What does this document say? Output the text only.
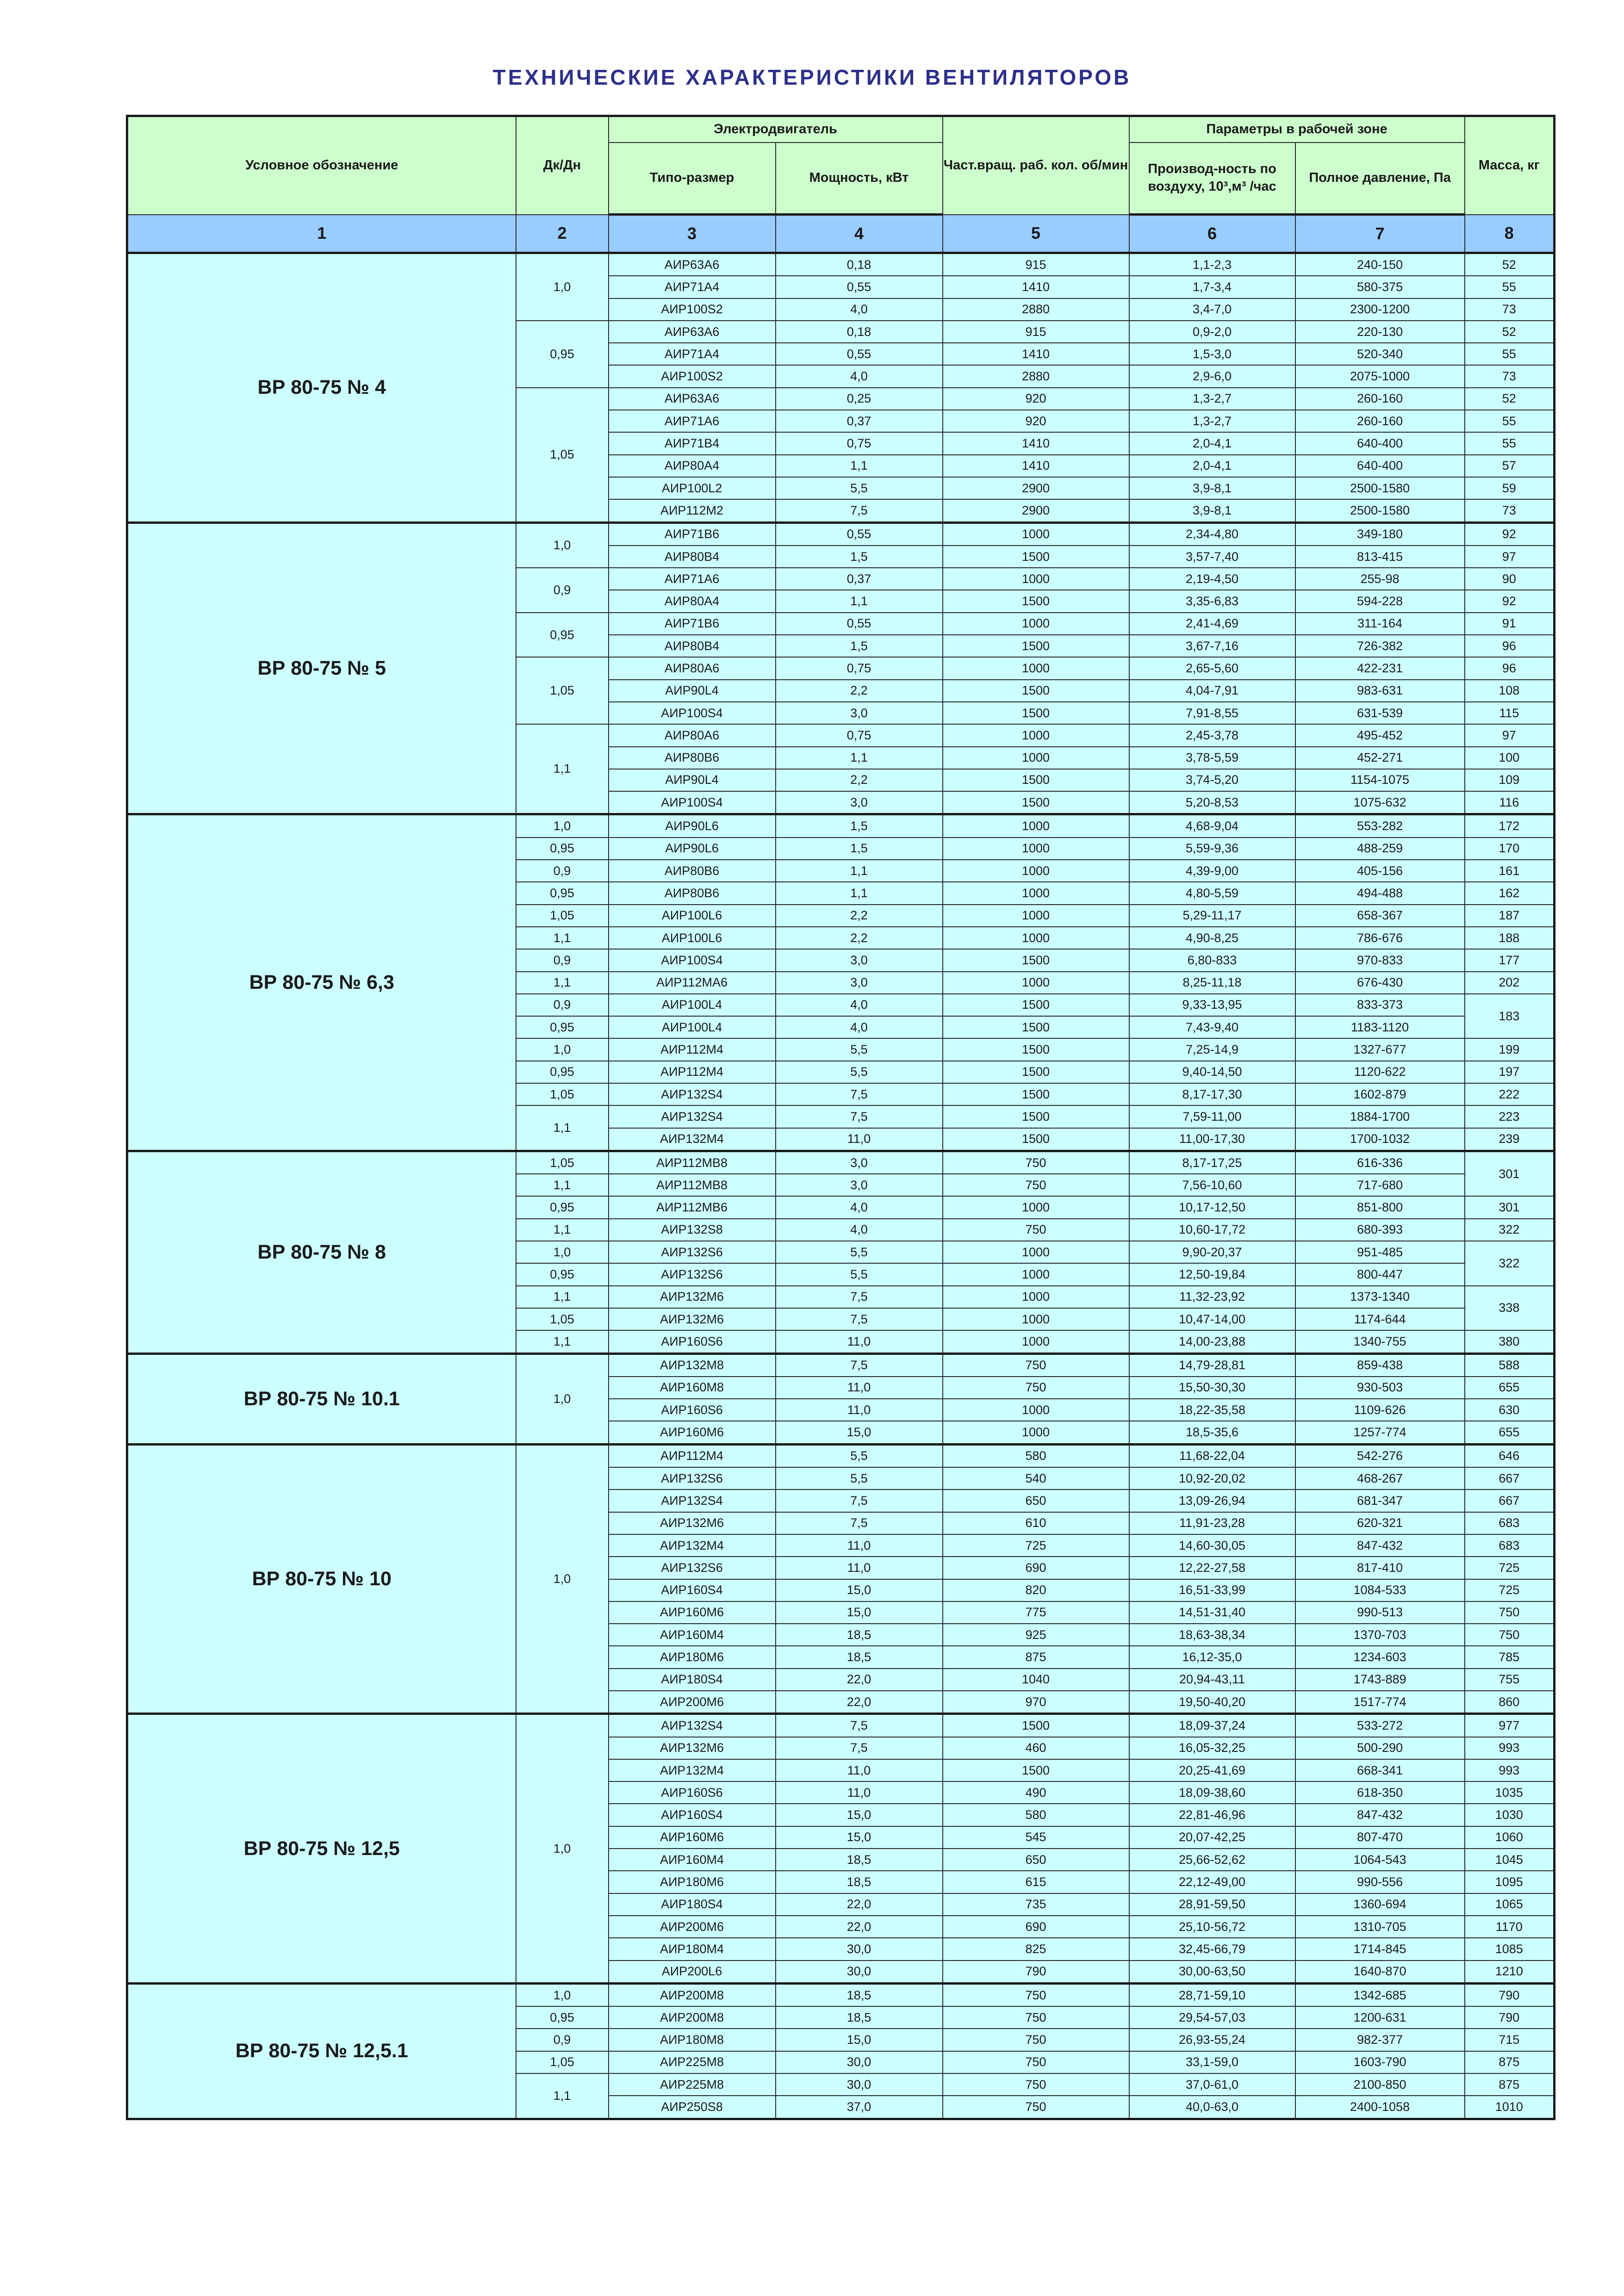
ТЕХНИЧЕСКИЕ ХАРАКТЕРИСТИКИ ВЕНТИЛЯТОРОВ
Условное обозначение	Дк/Дн	Электродвигатель		Част.вращ. раб. кол. об/мин	Параметры в рабочей зоне		Масса, кг
		Типо-размер	Мощность, кВт		Производ-ность по воздуху, 10³,м³ /час	Полное давление, Па	
1	2	3	4	5	6	7	8
ВР 80-75 № 4	1,0	АИР63А6	0,18	915	1,1-2,3	240-150	52
		АИР71А4	0,55	1410	1,7-3,4	580-375	55
		АИР100S2	4,0	2880	3,4-7,0	2300-1200	73
	0,95	АИР63А6	0,18	915	0,9-2,0	220-130	52
		АИР71А4	0,55	1410	1,5-3,0	520-340	55
		АИР100S2	4,0	2880	2,9-6,0	2075-1000	73
	1,05	АИР63А6	0,25	920	1,3-2,7	260-160	52
		АИР71А6	0,37	920	1,3-2,7	260-160	55
		АИР71В4	0,75	1410	2,0-4,1	640-400	55
		АИР80А4	1,1	1410	2,0-4,1	640-400	57
		АИР100L2	5,5	2900	3,9-8,1	2500-1580	59
		АИР112М2	7,5	2900	3,9-8,1	2500-1580	73
ВР 80-75 № 5	1,0	АИР71В6	0,55	1000	2,34-4,80	349-180	92
		АИР80В4	1,5	1500	3,57-7,40	813-415	97
	0,9	АИР71А6	0,37	1000	2,19-4,50	255-98	90
		АИР80А4	1,1	1500	3,35-6,83	594-228	92
	0,95	АИР71В6	0,55	1000	2,41-4,69	311-164	91
		АИР80В4	1,5	1500	3,67-7,16	726-382	96
	1,05	АИР80А6	0,75	1000	2,65-5,60	422-231	96
		АИР90L4	2,2	1500	4,04-7,91	983-631	108
		АИР100S4	3,0	1500	7,91-8,55	631-539	115
	1,1	АИР80А6	0,75	1000	2,45-3,78	495-452	97
		АИР80В6	1,1	1000	3,78-5,59	452-271	100
		АИР90L4	2,2	1500	3,74-5,20	1154-1075	109
		АИР100S4	3,0	1500	5,20-8,53	1075-632	116
ВР 80-75 № 6,3	1,0	АИР90L6	1,5	1000	4,68-9,04	553-282	172
	0,95	АИР90L6	1,5	1000	5,59-9,36	488-259	170
	0,9	АИР80В6	1,1	1000	4,39-9,00	405-156	161
	0,95	АИР80В6	1,1	1000	4,80-5,59	494-488	162
	1,05	АИР100L6	2,2	1000	5,29-11,17	658-367	187
	1,1	АИР100L6	2,2	1000	4,90-8,25	786-676	188
	0,9	АИР100S4	3,0	1500	6,80-833	970-833	177
	1,1	АИР112МА6	3,0	1000	8,25-11,18	676-430	202
	0,9	АИР100L4	4,0	1500	9,33-13,95	833-373	183
	0,95	АИР100L4	4,0	1500	7,43-9,40	1183-1120	
	1,0	АИР112М4	5,5	1500	7,25-14,9	1327-677	199
	0,95	АИР112М4	5,5	1500	9,40-14,50	1120-622	197
	1,05	АИР132S4	7,5	1500	8,17-17,30	1602-879	222
	1,1	АИР132S4	7,5	1500	7,59-11,00	1884-1700	223
		АИР132М4	11,0	1500	11,00-17,30	1700-1032	239
ВР 80-75 № 8	1,05	АИР112МВ8	3,0	750	8,17-17,25	616-336	301
	1,1	АИР112МВ8	3,0	750	7,56-10,60	717-680	
	0,95	АИР112МВ6	4,0	1000	10,17-12,50	851-800	301
	1,1	АИР132S8	4,0	750	10,60-17,72	680-393	322
	1,0	АИР132S6	5,5	1000	9,90-20,37	951-485	322
	0,95	АИР132S6	5,5	1000	12,50-19,84	800-447	
	1,1	АИР132М6	7,5	1000	11,32-23,92	1373-1340	338
	1,05	АИР132М6	7,5	1000	10,47-14,00	1174-644	
	1,1	АИР160S6	11,0	1000	14,00-23,88	1340-755	380
ВР 80-75 № 10.1	1,0	АИР132М8	7,5	750	14,79-28,81	859-438	588
		АИР160М8	11,0	750	15,50-30,30	930-503	655
		АИР160S6	11,0	1000	18,22-35,58	1109-626	630
		АИР160М6	15,0	1000	18,5-35,6	1257-774	655
ВР 80-75 № 10	1,0	АИР112М4	5,5	580	11,68-22,04	542-276	646
		АИР132S6	5,5	540	10,92-20,02	468-267	667
		АИР132S4	7,5	650	13,09-26,94	681-347	667
		АИР132М6	7,5	610	11,91-23,28	620-321	683
		АИР132М4	11,0	725	14,60-30,05	847-432	683
		АИР132S6	11,0	690	12,22-27,58	817-410	725
		АИР160S4	15,0	820	16,51-33,99	1084-533	725
		АИР160М6	15,0	775	14,51-31,40	990-513	750
		АИР160М4	18,5	925	18,63-38,34	1370-703	750
		АИР180М6	18,5	875	16,12-35,0	1234-603	785
		АИР180S4	22,0	1040	20,94-43,11	1743-889	755
		АИР200М6	22,0	970	19,50-40,20	1517-774	860
ВР 80-75 № 12,5	1,0	АИР132S4	7,5	1500	18,09-37,24	533-272	977
		АИР132М6	7,5	460	16,05-32,25	500-290	993
		АИР132М4	11,0	1500	20,25-41,69	668-341	993
		АИР160S6	11,0	490	18,09-38,60	618-350	1035
		АИР160S4	15,0	580	22,81-46,96	847-432	1030
		АИР160М6	15,0	545	20,07-42,25	807-470	1060
		АИР160М4	18,5	650	25,66-52,62	1064-543	1045
		АИР180М6	18,5	615	22,12-49,00	990-556	1095
		АИР180S4	22,0	735	28,91-59,50	1360-694	1065
		АИР200М6	22,0	690	25,10-56,72	1310-705	1170
		АИР180М4	30,0	825	32,45-66,79	1714-845	1085
		АИР200L6	30,0	790	30,00-63,50	1640-870	1210
ВР 80-75 № 12,5.1	1,0	АИР200М8	18,5	750	28,71-59,10	1342-685	790
	0,95	АИР200М8	18,5	750	29,54-57,03	1200-631	790
	0,9	АИР180М8	15,0	750	26,93-55,24	982-377	715
	1,05	АИР225М8	30,0	750	33,1-59,0	1603-790	875
	1,1	АИР225М8	30,0	750	37,0-61,0	2100-850	875
		АИР250S8	37,0	750	40,0-63,0	2400-1058	1010
